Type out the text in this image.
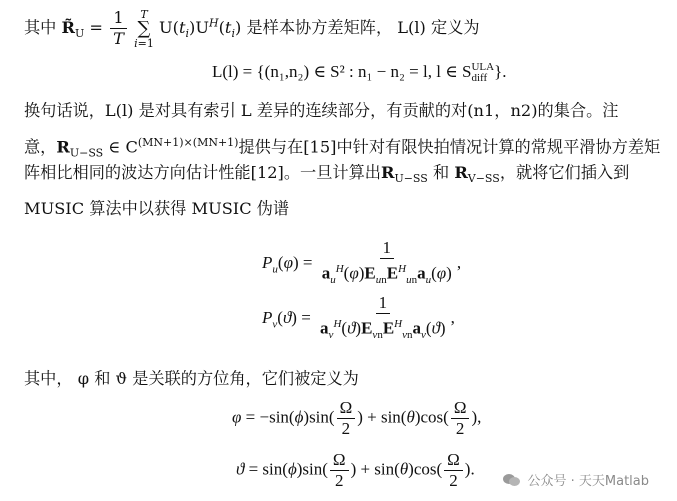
其中 $R̃_U = \frac{1}{T}$
T
∑
i=1
$U(t_i)U^H(t_i)$ 是样本协方差矩阵， L(l) 定义为
L(l) = {(n₁,n₂) ∈ S² : n₁ − n₂ = l, l ∈ S ULA
diff }.
换句话说，L(l) 是对具有索引 L 差异的连续部分，有贡献的对(n1，n2)的集合。注
意，$R_{U-SS}$ ∈ $C^{(MN+1)\times(MN+1)}$提供与在[15]中针对有限快拍情况计算的常规平滑协方差矩
阵相比相同的波达方向估计性能[12]。一旦计算出$R_{U-SS}$ 和 $R_{V-SS}$，就将它们插入到
MUSIC 算法中以获得 MUSIC 伪谱
$P_u(\varphi) = \frac{1}{a_u^H(\varphi)E_{un}E^H_{un}a_u(\varphi)}$ ,
$P_v(ϑ) = \frac{1}{a_v^H(ϑ)E_{vn}E^H_{vn}a_v(ϑ)}$ ,
其中， φ 和 ϑ 是关联的方位角，它们被定义为
$\varphi = -\sin(\phi)\sin( \frac{\Omega}{2}$ ) + $\sin(\theta)\cos( \frac{\Omega}{2}$ ),
$ϑ = \sin(\phi)\sin( \frac{\Omega}{2}$ ) + $\sin(\theta)\cos( \frac{\Omega}{2}$ ).
公众号 · 天天Matlab
